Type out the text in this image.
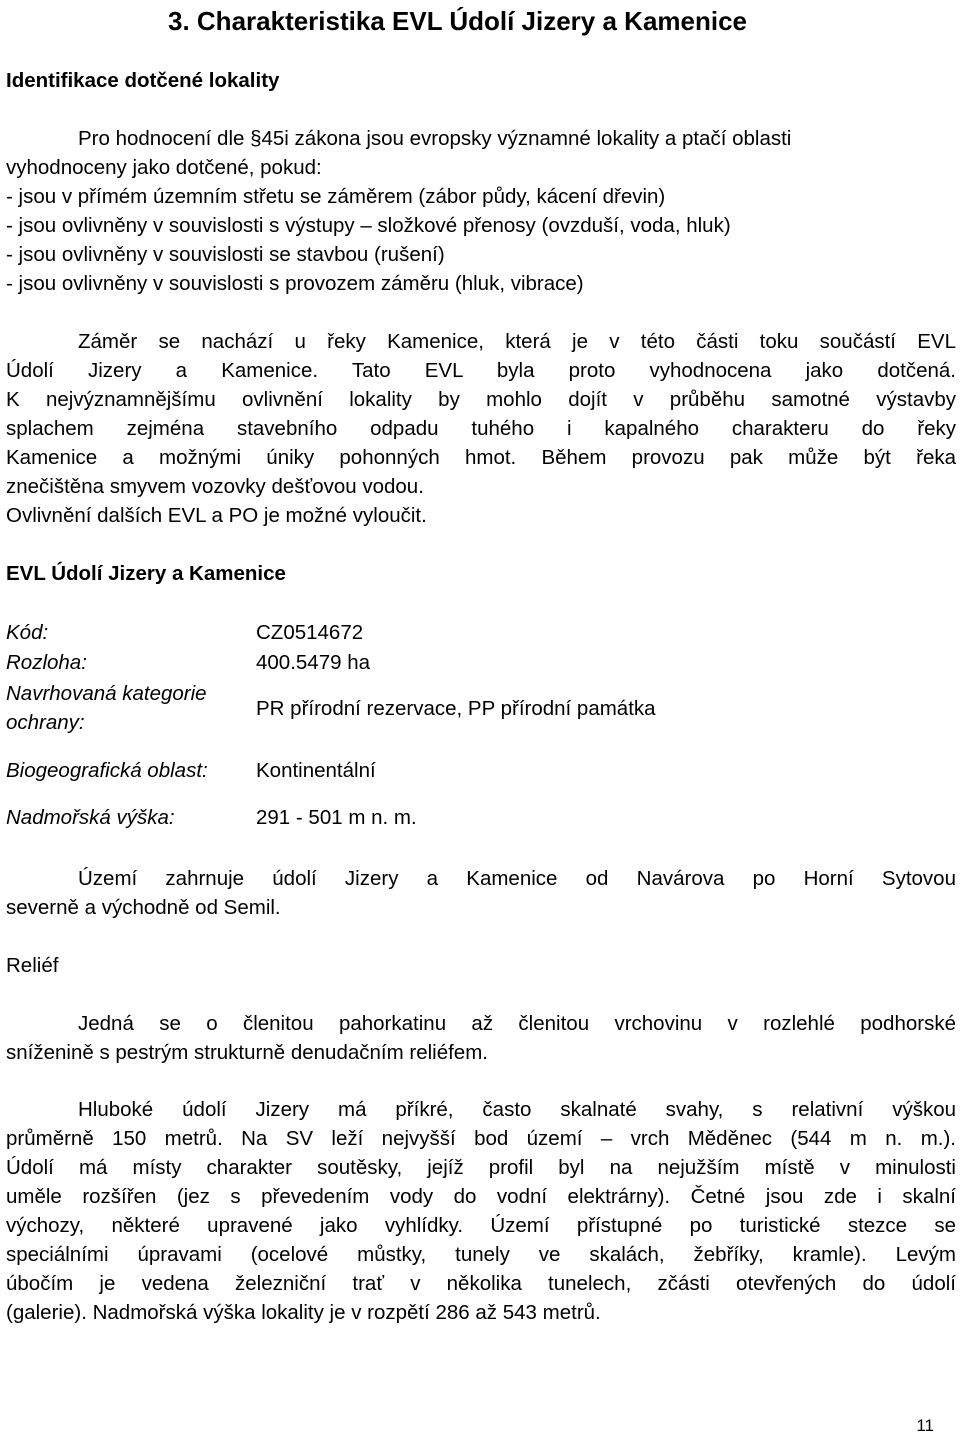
3. Charakteristika EVL Údolí Jizery a Kamenice
Identifikace dotčené lokality
Pro hodnocení dle §45i zákona jsou evropsky významné lokality a ptačí oblasti
vyhodnoceny jako dotčené, pokud:
- jsou v přímém územním střetu se záměrem (zábor půdy, kácení dřevin)
- jsou ovlivněny v souvislosti s výstupy – složkové přenosy (ovzduší, voda, hluk)
- jsou ovlivněny v souvislosti se stavbou (rušení)
- jsou ovlivněny v souvislosti s provozem záměru (hluk, vibrace)
Záměr se nachází u řeky Kamenice, která je v této části toku součástí EVL
Údolí Jizery a Kamenice. Tato EVL byla proto vyhodnocena jako dotčená.
K nejvýznamnějšímu ovlivnění lokality by mohlo dojít v průběhu samotné výstavby
splachem zejména stavebního odpadu tuhého i kapalného charakteru do řeky
Kamenice a možnými úniky pohonných hmot. Během provozu pak může být řeka
znečištěna smyvem vozovky dešťovou vodou.
Ovlivnění dalších EVL a PO je možné vyloučit.
EVL Údolí Jizery a Kamenice
Kód:	CZ0514672
Rozloha:	400.5479 ha
Navrhovaná kategorie ochrany:	PR přírodní rezervace, PP přírodní památka
Biogeografická oblast:	Kontinentální
Nadmořská výška:	291 - 501 m n. m.
Území zahrnuje údolí Jizery a Kamenice od Navárova po Horní Sytovou
severně a východně od Semil.
Reliéf
Jedná se o členitou pahorkatinu až členitou vrchovinu v rozlehlé podhorské
sníženině s pestrým strukturně denudačním reliéfem.
Hluboké údolí Jizery má příkré, často skalnaté svahy, s relativní výškou
průměrně 150 metrů. Na SV leží nejvyšší bod území – vrch Měděnec (544 m n. m.).
Údolí má místy charakter soutěsky, jejíž profil byl na nejužším místě v minulosti
uměle rozšířen (jez s převedením vody do vodní elektrárny). Četné jsou zde i skalní
výchozy, některé upravené jako vyhlídky. Území přístupné po turistické stezce se
speciálními úpravami (ocelové můstky, tunely ve skalách, žebříky, kramle). Levým
úbočím je vedena železniční trať v několika tunelech, zčásti otevřených do údolí
(galerie). Nadmořská výška lokality je v rozpětí 286 až 543 metrů.
11
